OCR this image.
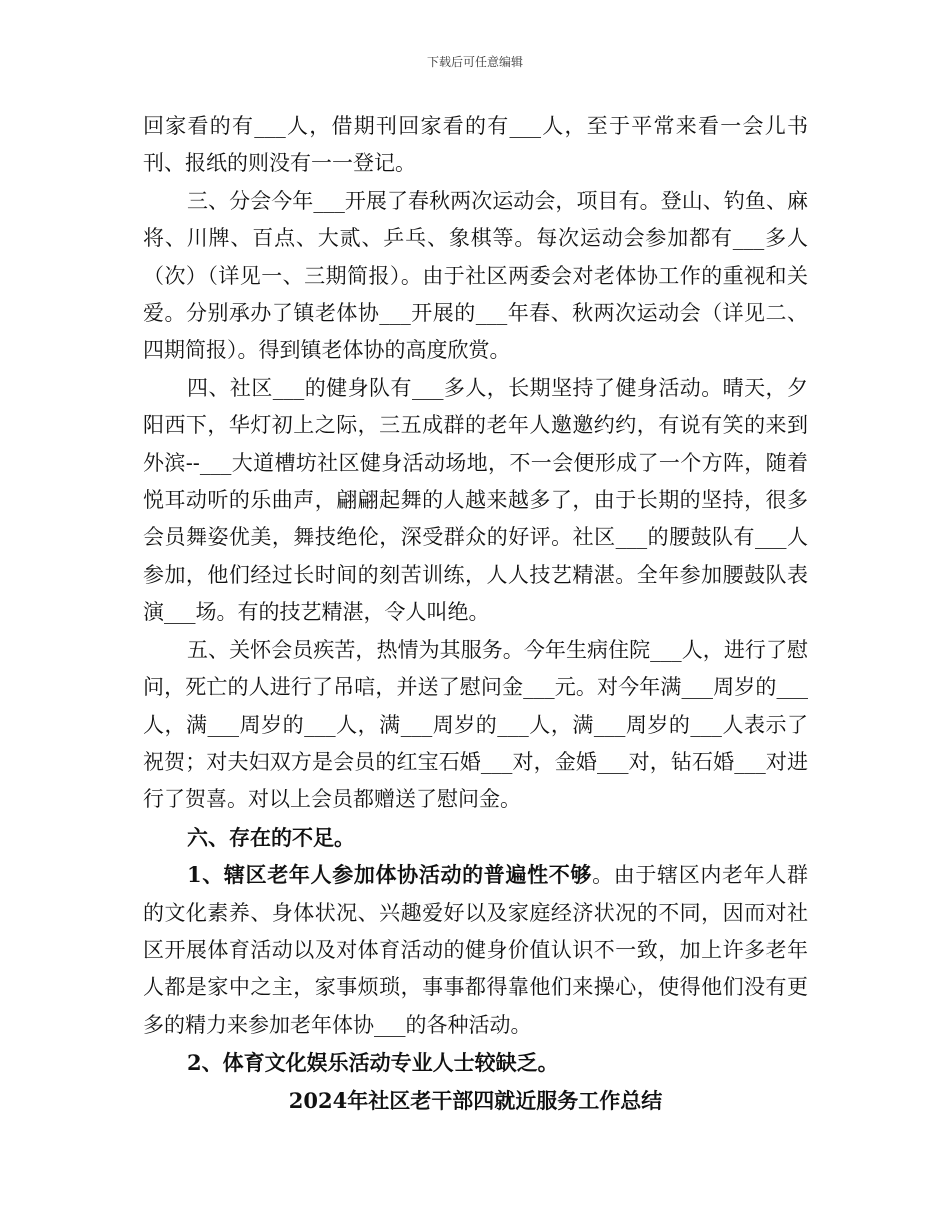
下载后可任意编辑

回家看的有___人，借期刊回家看的有___人，至于平常来看一会儿书刊、报纸的则没有一一登记。

三、分会今年___开展了春秋两次运动会，项目有。登山、钓鱼、麻将、川牌、百点、大贰、乒乓、象棋等。每次运动会参加都有___多人（次）（详见一、三期简报）。由于社区两委会对老体协工作的重视和关爱。分别承办了镇老体协___开展的___年春、秋两次运动会（详见二、四期简报）。得到镇老体协的高度欣赏。

四、社区___的健身队有___多人，长期坚持了健身活动。晴天，夕阳西下，华灯初上之际，三五成群的老年人邀邀约约，有说有笑的来到外滨--___大道槽坊社区健身活动场地，不一会便形成了一个方阵，随着悦耳动听的乐曲声，翩翩起舞的人越来越多了，由于长期的坚持，很多会员舞姿优美，舞技绝伦，深受群众的好评。社区___的腰鼓队有___人参加，他们经过长时间的刻苦训练，人人技艺精湛。全年参加腰鼓队表演___场。有的技艺精湛，令人叫绝。

五、关怀会员疾苦，热情为其服务。今年生病住院___人，进行了慰问，死亡的人进行了吊唁，并送了慰问金___元。对今年满___周岁的___人，满___周岁的___人，满___周岁的___人，满___周岁的___人表示了祝贺；对夫妇双方是会员的红宝石婚___对，金婚___对，钻石婚___对进行了贺喜。对以上会员都赠送了慰问金。

六、存在的不足。

1、辖区老年人参加体协活动的普遍性不够。由于辖区内老年人群的文化素养、身体状况、兴趣爱好以及家庭经济状况的不同，因而对社区开展体育活动以及对体育活动的健身价值认识不一致，加上许多老年人都是家中之主，家事烦琐，事事都得靠他们来操心，使得他们没有更多的精力来参加老年体协___的各种活动。

2、体育文化娱乐活动专业人士较缺乏。

2024年社区老干部四就近服务工作总结
